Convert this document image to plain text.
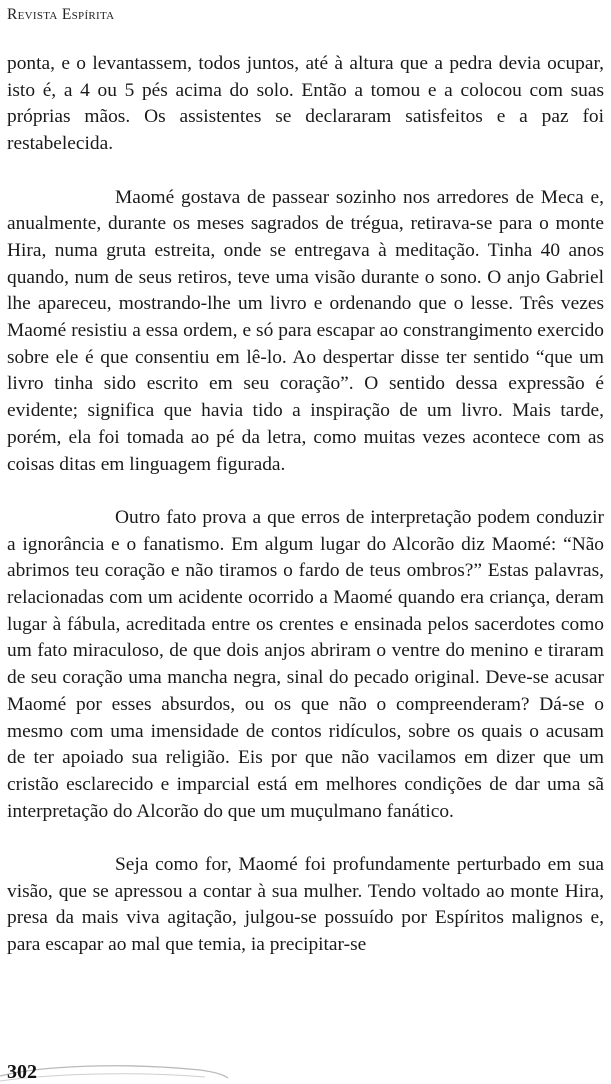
Revista Espírita

ponta, e o levantassem, todos juntos, até à altura que a pedra devia ocupar, isto é, a 4 ou 5 pés acima do solo. Então a tomou e a colocou com suas próprias mãos. Os assistentes se declararam satisfeitos e a paz foi restabelecida.

Maomé gostava de passear sozinho nos arredores de Meca e, anualmente, durante os meses sagrados de trégua, retirava-se para o monte Hira, numa gruta estreita, onde se entregava à meditação. Tinha 40 anos quando, num de seus retiros, teve uma visão durante o sono. O anjo Gabriel lhe apareceu, mostrando-lhe um livro e ordenando que o lesse. Três vezes Maomé resistiu a essa ordem, e só para escapar ao constrangimento exercido sobre ele é que consentiu em lê-lo. Ao despertar disse ter sentido “que um livro tinha sido escrito em seu coração”. O sentido dessa expressão é evidente; significa que havia tido a inspiração de um livro. Mais tarde, porém, ela foi tomada ao pé da letra, como muitas vezes acontece com as coisas ditas em linguagem figurada.

Outro fato prova a que erros de interpretação podem conduzir a ignorância e o fanatismo. Em algum lugar do Alcorão diz Maomé: “Não abrimos teu coração e não tiramos o fardo de teus ombros?” Estas palavras, relacionadas com um acidente ocorrido a Maomé quando era criança, deram lugar à fábula, acreditada entre os crentes e ensinada pelos sacerdotes como um fato miraculoso, de que dois anjos abriram o ventre do menino e tiraram de seu coração uma mancha negra, sinal do pecado original. Deve-se acusar Maomé por esses absurdos, ou os que não o compreenderam? Dá-se o mesmo com uma imensidade de contos ridículos, sobre os quais o acusam de ter apoiado sua religião. Eis por que não vacilamos em dizer que um cristão esclarecido e imparcial está em melhores condições de dar uma sã interpretação do Alcorão do que um muçulmano fanático.

Seja como for, Maomé foi profundamente perturbado em sua visão, que se apressou a contar à sua mulher. Tendo voltado ao monte Hira, presa da mais viva agitação, julgou-se possuído por Espíritos malignos e, para escapar ao mal que temia, ia precipitar-se

302
